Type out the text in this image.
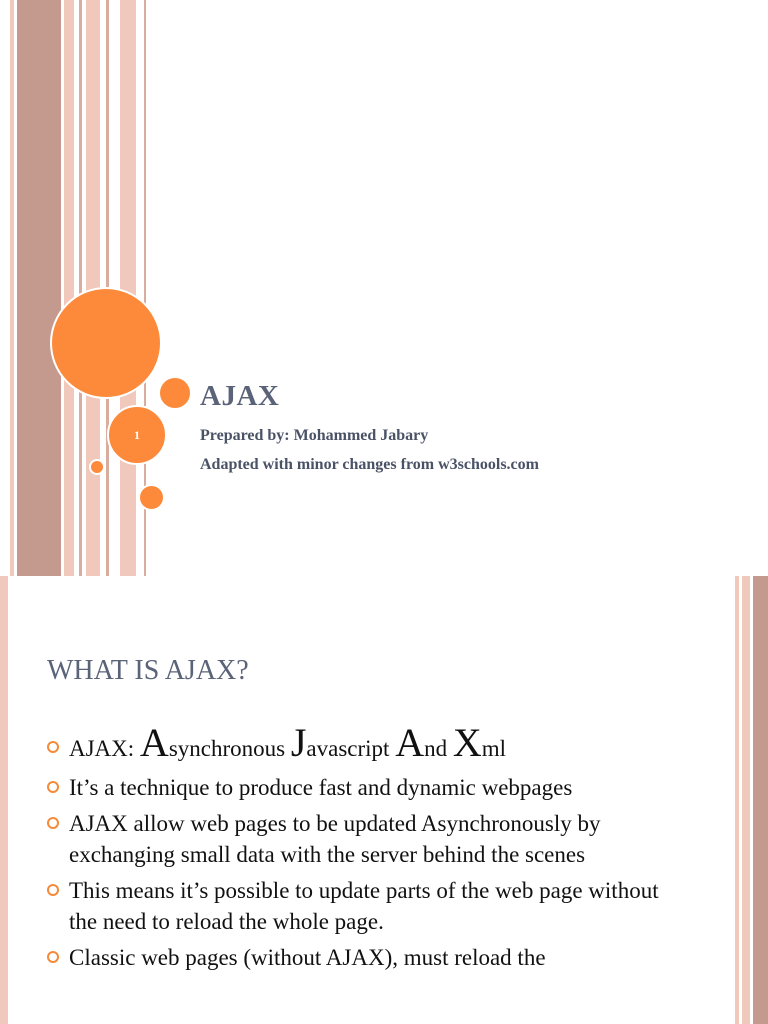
1
AJAX

Prepared by: Mohammed Jabary

Adapted with minor changes from w3schools.com

WHAT IS AJAX?
AJAX: Asynchronous Javascript And Xml
It’s a technique to produce fast and dynamic webpages
AJAX allow web pages to be updated Asynchronously by exchanging small data with the server behind the scenes
This means it’s possible to update parts of the web page without the need to reload the whole page.
Classic web pages (without AJAX), must reload the
